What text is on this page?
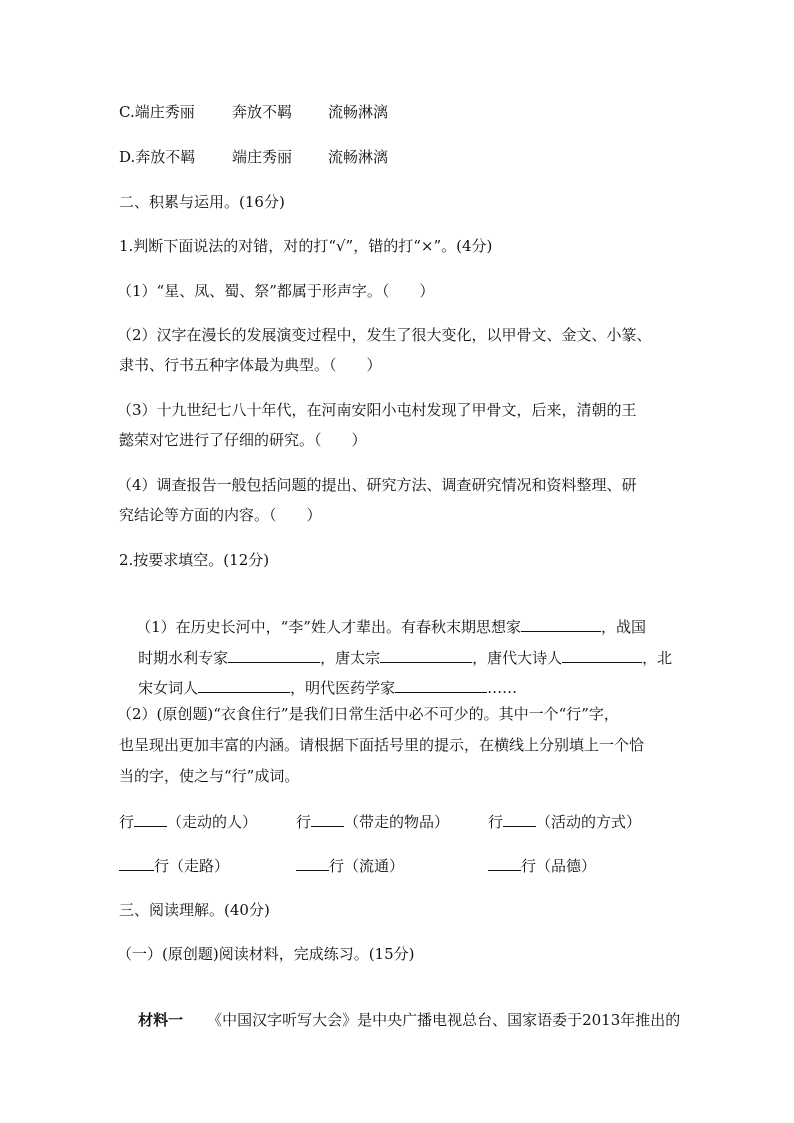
C.端庄秀丽 奔放不羁 流畅淋漓
D.奔放不羁 端庄秀丽 流畅淋漓
二、积累与运用。(16分)
1.判断下面说法的对错，对的打“√”，错的打“×”。(4分)
（1）“星、凤、蜀、祭”都属于形声字。（　　）
（2）汉字在漫长的发展演变过程中，发生了很大变化，以甲骨文、金文、小篆、
隶书、行书五种字体最为典型。（　　）
（3）十九世纪七八十年代，在河南安阳小屯村发现了甲骨文，后来，清朝的王
懿荣对它进行了仔细的研究。（　　）
（4）调查报告一般包括问题的提出、研究方法、调查研究情况和资料整理、研
究结论等方面的内容。（　　）
2.按要求填空。(12分)

（1）在历史长河中，“李”姓人才辈出。有春秋末期思想家	，战国

时期水利专家	，唐太宗	，唐代大诗人	，北

宋女词人	，明代医药学家	……

（2）(原创题)“衣食住行”是我们日常生活中必不可少的。其中一个“行”字，
也呈现出更加丰富的内涵。请根据下面括号里的提示，在横线上分别填上一个恰
当的字，使之与“行”成词。
行 （走动的人）	行 （带走的物品）	行 （活动的方式）
行（走路）	行（流通）	行（品德）
三、阅读理解。(40分)
（一）(原创题)阅读材料，完成练习。(15分)

材料一 《中国汉字听写大会》是中央广播电视总台、国家语委于2013年推出的
